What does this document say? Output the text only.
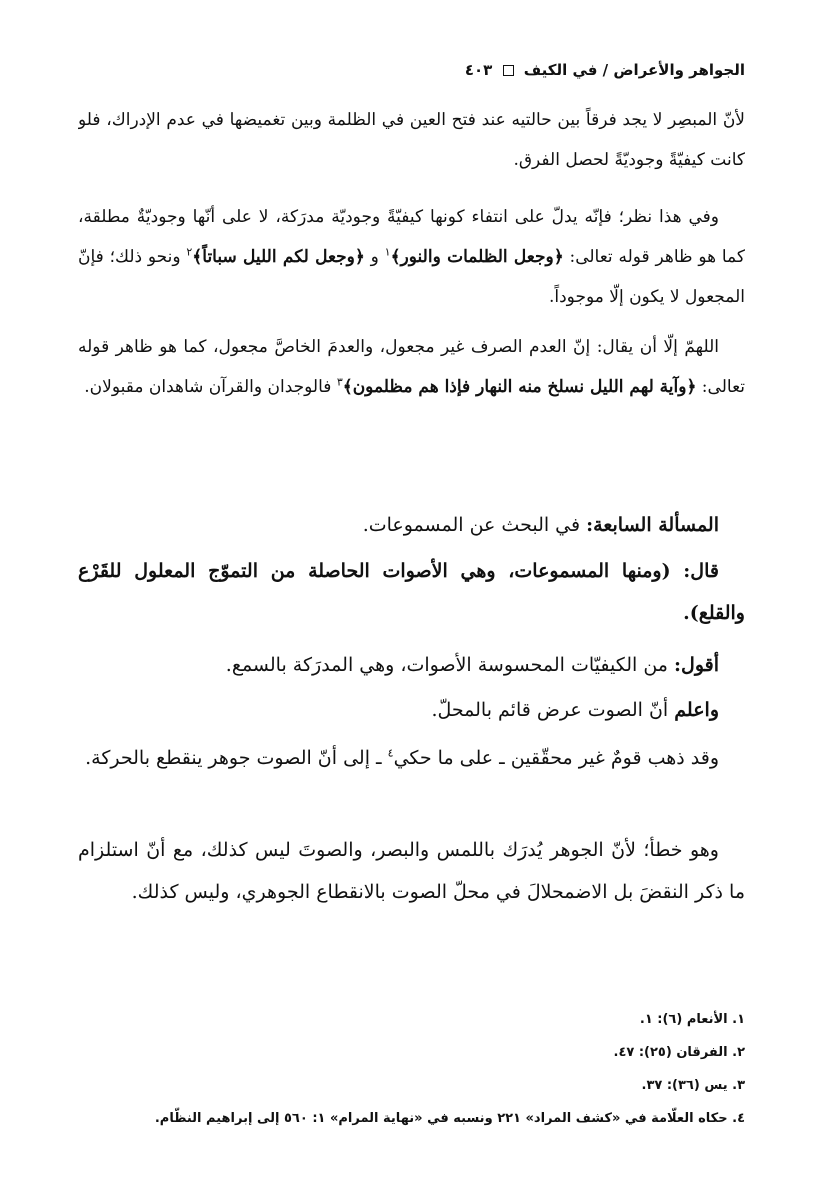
الجواهر والأعراض / في الكيف  ٤٠٣

لأنّ المبصِر لا يجد فرقاً بين حالتيه عند فتح العين في الظلمة وبين تغميضها في عدم الإدراك، فلو كانت كيفيّةً وجوديّةً لحصل الفرق.

وفي هذا نظر؛ فإنّه يدلّ على انتفاء كونها كيفيّةً وجوديّة مدرَكة، لا على أنّها وجوديّةٌ مطلقة، كما هو ظاهر قوله تعالى: ﴿وجعل الظلمات والنور﴾$^١$ و ﴿وجعل لكم الليل سباتاً﴾$^٢$ ونحو ذلك؛ فإنّ المجعول لا يكون إلّا موجوداً.

اللهمّ إلّا أن يقال: إنّ العدم الصرف غير مجعول، والعدمَ الخاصَّ مجعول، كما هو ظاهر قوله تعالى: ﴿وآية لهم الليل نسلخ منه النهار فإذا هم مظلمون﴾$^٣$ فالوجدان والقرآن شاهدان مقبولان.

المسألة السابعة: في البحث عن المسموعات.

قال: (ومنها المسموعات، وهي الأصوات الحاصلة من التموّج المعلول للقَرْع والقلع).

أقول: من الكيفيّات المحسوسة الأصوات، وهي المدرَكة بالسمع.

واعلم أنّ الصوت عرض قائم بالمحلّ.

وقد ذهب قومٌ غير محقّقين ـ على ما حكي$^٤$ ـ إلى أنّ الصوت جوهر ينقطع بالحركة.

وهو خطأ؛ لأنّ الجوهر يُدرَك باللمس والبصر، والصوتَ ليس كذلك، مع أنّ استلزام ما ذكر النقضَ بل الاضمحلالَ في محلّ الصوت بالانقطاع الجوهري، وليس كذلك.

١. الأنعام (٦): ١.
٢. الفرقان (٢٥): ٤٧.
٣. يس (٣٦): ٣٧.
٤. حكاه العلّامة في «كشف المراد» ٢٢١ ونسبه في «نهاية المرام» ١: ٥٦٠ إلى إبراهيم النظّام.
